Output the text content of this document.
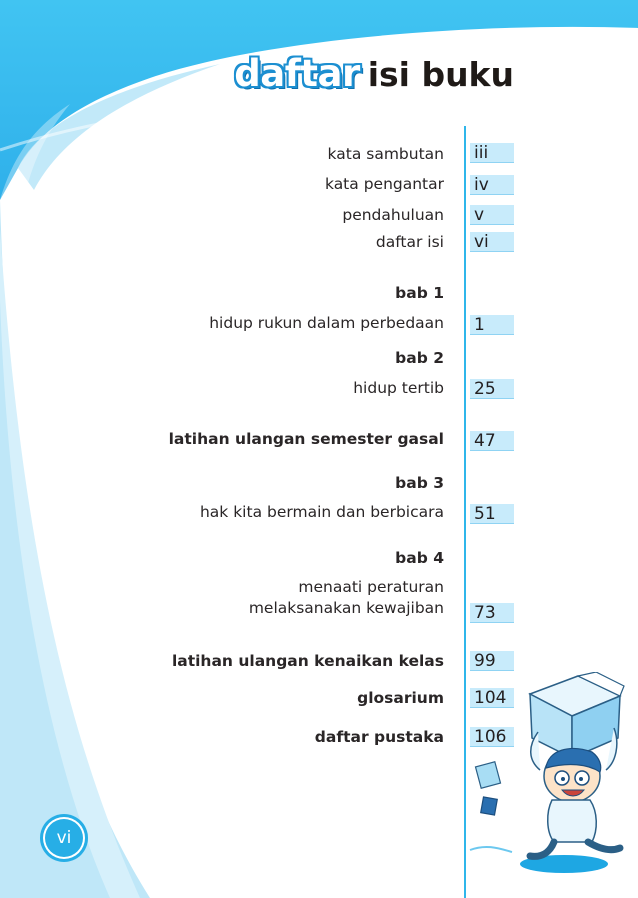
daftar isi buku
kata sambutan iii
kata pengantar iv
pendahuluan v
daftar isi vi
bab 1
hidup rukun dalam perbedaan 1
bab 2
hidup tertib 25
latihan ulangan semester gasal 47
bab 3
hak kita bermain dan berbicara 51
bab 4
menaati peraturan
melaksanakan kewajiban 73
latihan ulangan kenaikan kelas 99
glosarium 104
daftar pustaka 106
vi
